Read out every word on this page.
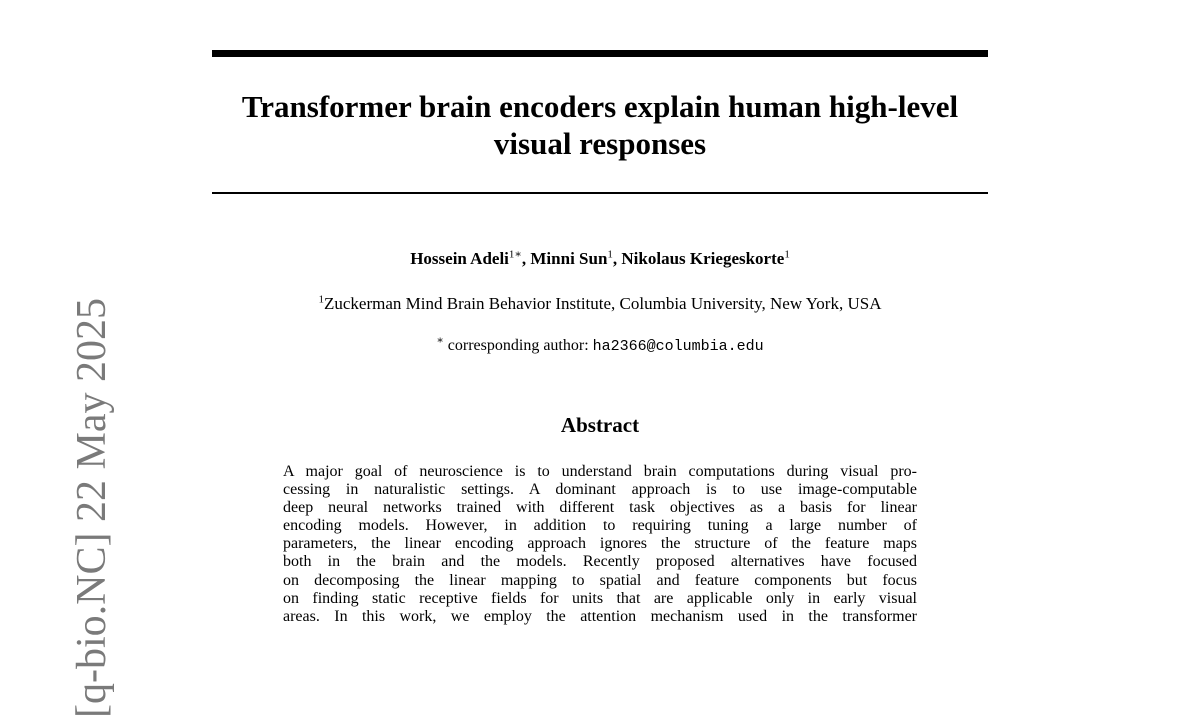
Transformer brain encoders explain human high-level visual responses
Hossein Adeli$^{1∗}$, Minni Sun$^1$, Nikolaus Kriegeskorte$^1$
$^1$Zuckerman Mind Brain Behavior Institute, Columbia University, New York, USA
∗ corresponding author: ha2366@columbia.edu
Abstract
A major goal of neuroscience is to understand brain computations during visual pro-
cessing in naturalistic settings. A dominant approach is to use image-computable
deep neural networks trained with different task objectives as a basis for linear
encoding models. However, in addition to requiring tuning a large number of
parameters, the linear encoding approach ignores the structure of the feature maps
both in the brain and the models. Recently proposed alternatives have focused
on decomposing the linear mapping to spatial and feature components but focus
on finding static receptive fields for units that are applicable only in early visual
areas. In this work, we employ the attention mechanism used in the transformer
[q-bio.NC] 22 May 2025
